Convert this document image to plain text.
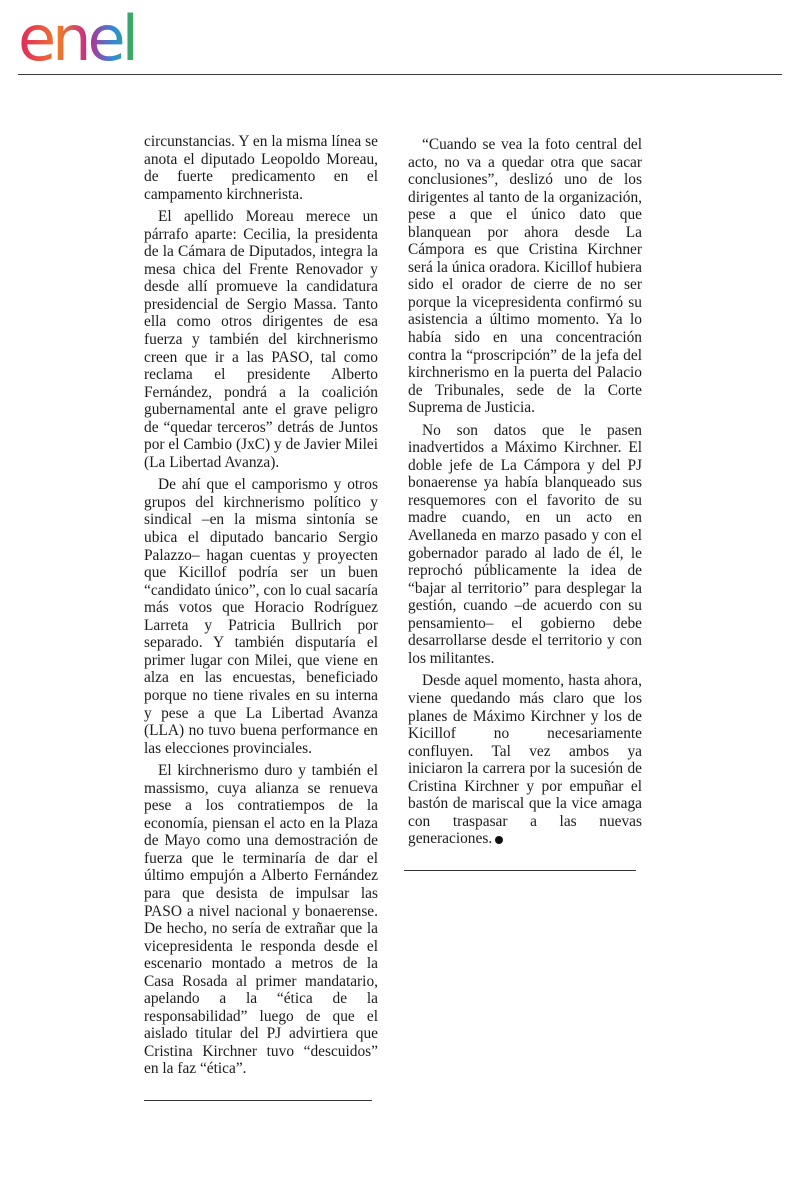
enel

circunstancias. Y en la misma línea se anota el diputado Leopoldo Moreau, de fuerte predicamento en el campamento kirchnerista.

El apellido Moreau merece un párrafo aparte: Cecilia, la presidenta de la Cámara de Diputados, integra la mesa chica del Frente Renovador y desde allí promueve la candidatura presidencial de Sergio Massa. Tanto ella como otros dirigentes de esa fuerza y también del kirchnerismo creen que ir a las PASO, tal como reclama el presidente Alberto Fernández, pondrá a la coalición gubernamental ante el grave peligro de “quedar terceros” detrás de Juntos por el Cambio (JxC) y de Javier Milei (La Libertad Avanza).

De ahí que el camporismo y otros grupos del kirchnerismo político y sindical –en la misma sintonía se ubica el diputado bancario Sergio Palazzo– hagan cuentas y proyecten que Kicillof podría ser un buen “candidato único”, con lo cual sacaría más votos que Horacio Rodríguez Larreta y Patricia Bullrich por separado. Y también disputaría el primer lugar con Milei, que viene en alza en las encuestas, beneficiado porque no tiene rivales en su interna y pese a que La Libertad Avanza (LLA) no tuvo buena performance en las elecciones provinciales.

El kirchnerismo duro y también el massismo, cuya alianza se renueva pese a los contratiempos de la economía, piensan el acto en la Plaza de Mayo como una demostración de fuerza que le terminaría de dar el último empujón a Alberto Fernández para que desista de impulsar las PASO a nivel nacional y bonaerense. De hecho, no sería de extrañar que la vicepresidenta le responda desde el escenario montado a metros de la Casa Rosada al primer mandatario, apelando a la “ética de la responsabilidad” luego de que el aislado titular del PJ advirtiera que Cristina Kirchner tuvo “descuidos” en la faz “ética”.

“Cuando se vea la foto central del acto, no va a quedar otra que sacar conclusiones”, deslizó uno de los dirigentes al tanto de la organización, pese a que el único dato que blanquean por ahora desde La Cámpora es que Cristina Kirchner será la única oradora. Kicillof hubiera sido el orador de cierre de no ser porque la vicepresidenta confirmó su asistencia a último momento. Ya lo había sido en una concentración contra la “proscripción” de la jefa del kirchnerismo en la puerta del Palacio de Tribunales, sede de la Corte Suprema de Justicia.

No son datos que le pasen inadvertidos a Máximo Kirchner. El doble jefe de La Cámpora y del PJ bonaerense ya había blanqueado sus resquemores con el favorito de su madre cuando, en un acto en Avellaneda en marzo pasado y con el gobernador parado al lado de él, le reprochó públicamente la idea de “bajar al territorio” para desplegar la gestión, cuando –de acuerdo con su pensamiento– el gobierno debe desarrollarse desde el territorio y con los militantes.

Desde aquel momento, hasta ahora, viene quedando más claro que los planes de Máximo Kirchner y los de Kicillof no necesariamente confluyen. Tal vez ambos ya iniciaron la carrera por la sucesión de Cristina Kirchner y por empuñar el bastón de mariscal que la vice amaga con traspasar a las nuevas generaciones.
